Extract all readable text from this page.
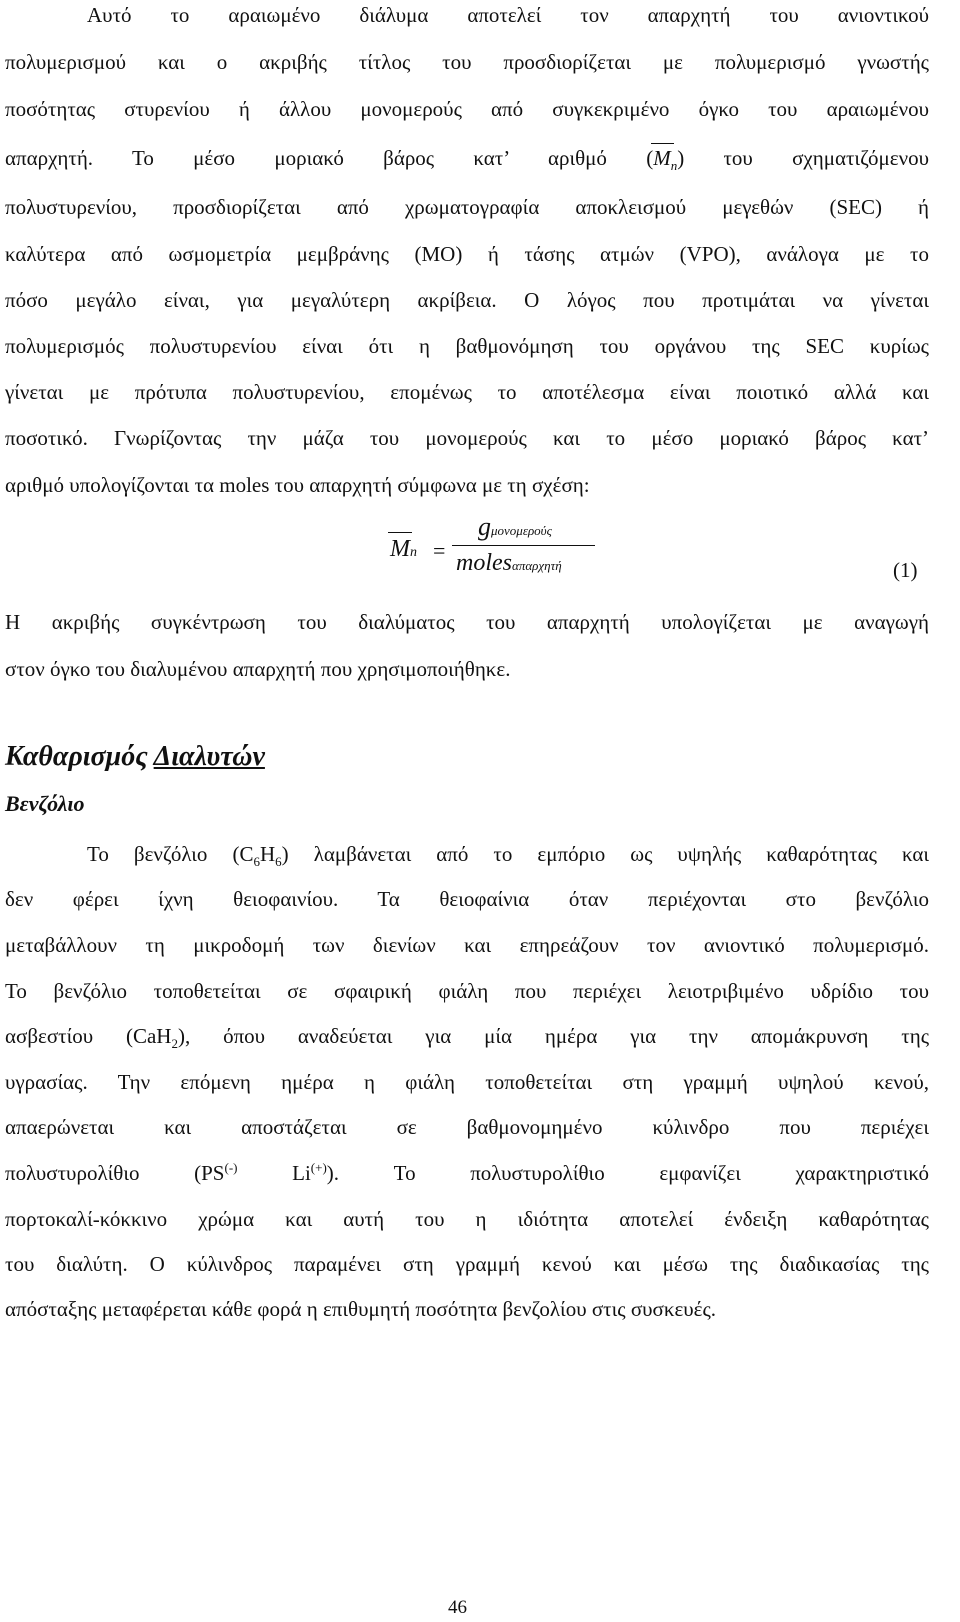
Αυτό το αραιωμένο διάλυμα αποτελεί τον απαρχητή του ανιοντικού
πολυμερισμού και ο ακριβής τίτλος του προσδιορίζεται με πολυμερισμό γνωστής
ποσότητας στυρενίου ή άλλου μονομερούς από συγκεκριμένο όγκο του αραιωμένου
απαρχητή. Το μέσο μοριακό βάρος κατ’ αριθμό $(M_n)$ του σχηματιζόμενου
πολυστυρενίου, προσδιορίζεται από χρωματογραφία αποκλεισμού μεγεθών (SEC) ή
καλύτερα από ωσμομετρία μεμβράνης (MO) ή τάσης ατμών (VPO), ανάλογα με το
πόσο μεγάλο είναι, για μεγαλύτερη ακρίβεια. Ο λόγος που προτιμάται να γίνεται
πολυμερισμός πολυστυρενίου είναι ότι η βαθμονόμηση του οργάνου της SEC κυρίως
γίνεται με πρότυπα πολυστυρενίου, επομένως το αποτέλεσμα είναι ποιοτικό αλλά και
ποσοτικό. Γνωρίζοντας την μάζα του μονομερούς και το μέσο μοριακό βάρος κατ’
αριθμό υπολογίζονται τα moles του απαρχητή σύμφωνα με τη σχέση:
Mn =
gμονομερούς
molesαπαρχητή	(1)
Η ακριβής συγκέντρωση του διαλύματος του απαρχητή υπολογίζεται με αναγωγή
στον όγκο του διαλυμένου απαρχητή που χρησιμοποιήθηκε.
Καθαρισμός Διαλυτών
Βενζόλιο
Το βενζόλιο $(C_6H_6)$ λαμβάνεται από το εμπόριο ως υψηλής καθαρότητας και
δεν φέρει ίχνη θειοφαινίου. Τα θειοφαίνια όταν περιέχονται στο βενζόλιο
μεταβάλλουν τη μικροδομή των διενίων και επηρεάζουν τον ανιοντικό πολυμερισμό.
Το βενζόλιο τοποθετείται σε σφαιρική φιάλη που περιέχει λειοτριβιμένο υδρίδιο του
ασβεστίου (CaH$_2$), όπου αναδεύεται για μία ημέρα για την απομάκρυνση της
υγρασίας. Την επόμενη ημέρα η φιάλη τοποθετείται στη γραμμή υψηλού κενού,
απαερώνεται και αποστάζεται σε βαθμονομημένο κύλινδρο που περιέχει
πολυστυρολίθιο (PS(-) Li(+)). Το πολυστυρολίθιο εμφανίζει χαρακτηριστικό
πορτοκαλί-κόκκινο χρώμα και αυτή του η ιδιότητα αποτελεί ένδειξη καθαρότητας
του διαλύτη. Ο κύλινδρος παραμένει στη γραμμή κενού και μέσω της διαδικασίας της
απόσταξης μεταφέρεται κάθε φορά η επιθυμητή ποσότητα βενζολίου στις συσκευές.
46
